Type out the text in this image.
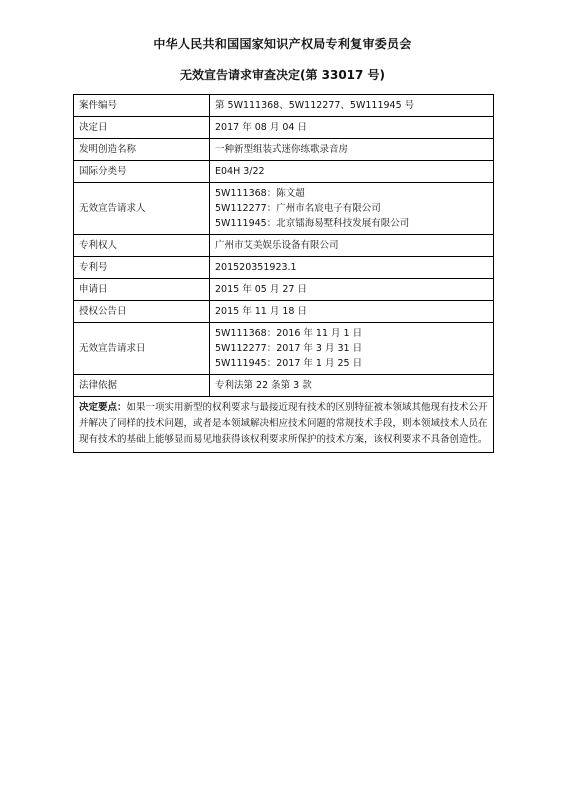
中华人民共和国国家知识产权局专利复审委员会
无效宣告请求审查决定(第 33017 号)
案件编号	第 5W111368、5W112277、5W111945 号
决定日	2017 年 08 月 04 日
发明创造名称	一种新型组装式迷你练歌录音房
国际分类号	E04H 3/22
无效宣告请求人	5W111368：陈文超
5W112277：广州市名宸电子有限公司
5W111945：北京镭海易墅科技发展有限公司

专利权人	广州市艾美娱乐设备有限公司
专利号	201520351923.1
申请日	2015 年 05 月 27 日
授权公告日	2015 年 11 月 18 日
无效宣告请求日	5W111368：2016 年 11 月 1 日
5W112277：2017 年 3 月 31 日
5W111945：2017 年 1 月 25 日

法律依据	专利法第 22 条第 3 款
决定要点：如果一项实用新型的权利要求与最接近现有技术的区别特征被本领域其他现有技术公开并解决了同样的技术问题，或者是本领域解决相应技术问题的常规技术手段，则本领域技术人员在现有技术的基础上能够显而易见地获得该权利要求所保护的技术方案，该权利要求不具备创造性。	
